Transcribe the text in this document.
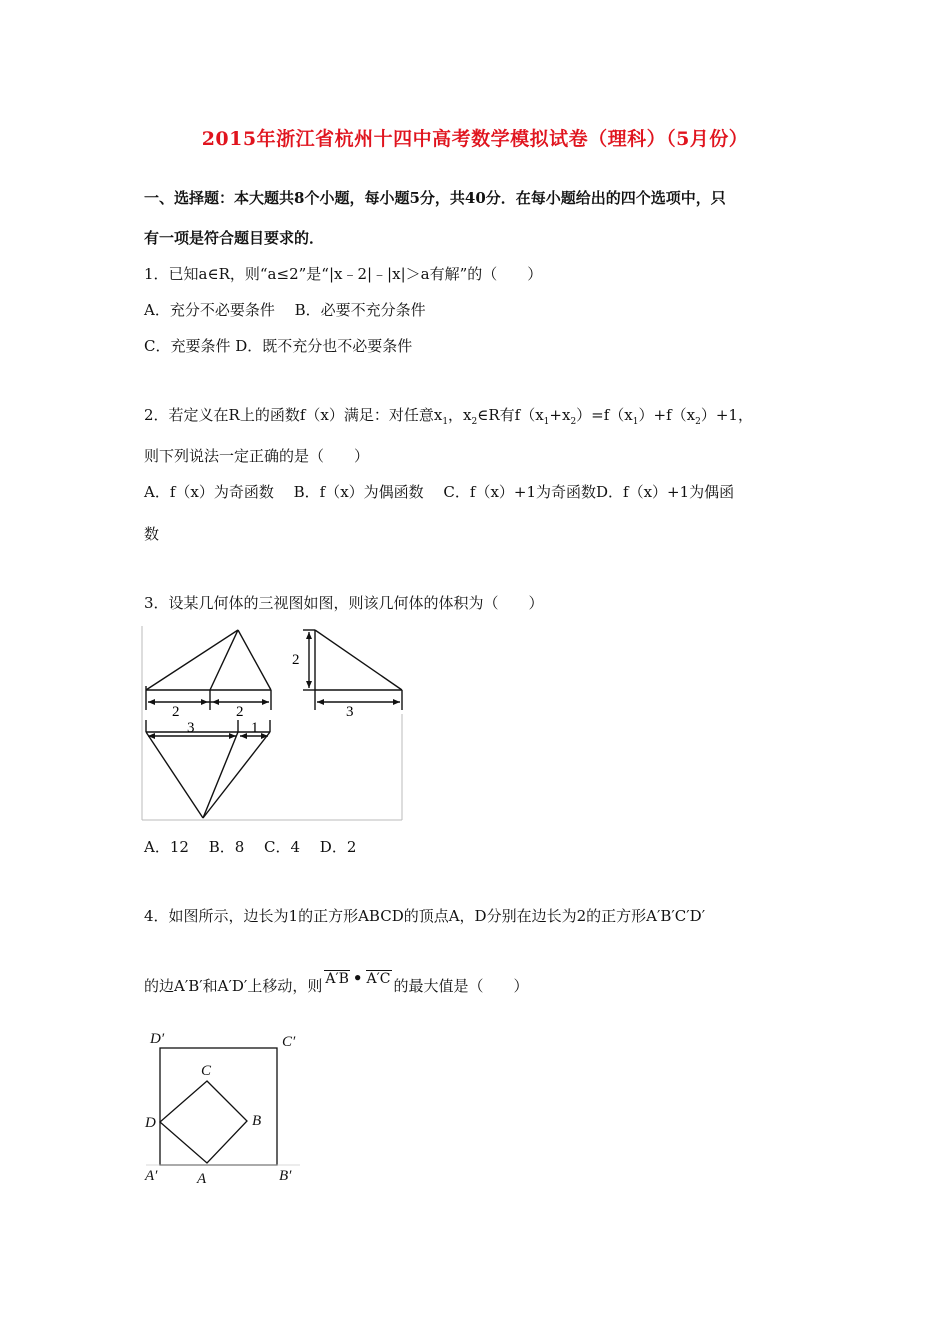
2015年浙江省杭州十四中高考数学模拟试卷（理科）（5月份）
一、选择题：本大题共8个小题，每小题5分，共40分．在每小题给出的四个选项中，只
有一项是符合题目要求的．
1．已知a∈R，则“a≤2”是“|x﹣2|﹣|x|＞a有解”的（　　）
A．充分不必要条件　 B．必要不充分条件
C．充要条件 D．既不充分也不必要条件
2．若定义在R上的函数f（x）满足：对任意$x_1$，$x_2\in R$有$f(x_1+x_2)=f(x_1)+f(x_2)+1$，
则下列说法一定正确的是（　　）
A．f（x）为奇函数　 B．f（x）为偶函数　 C．f（x）+1为奇函数D．f（x）+1为偶函
数
3．设某几何体的三视图如图，则该几何体的体积为（　　）
2	2
2
3
3	1
A．12　 B．8　 C．4　 D．2
4．如图所示，边长为1的正方形ABCD的顶点A，D分别在边长为2的正方形A′B′C′D′
的边A′B′和A′D′上移动，则 A′B • A′C 的最大值是（　　）
D′	C′
C
D	B
A′	A	B′
